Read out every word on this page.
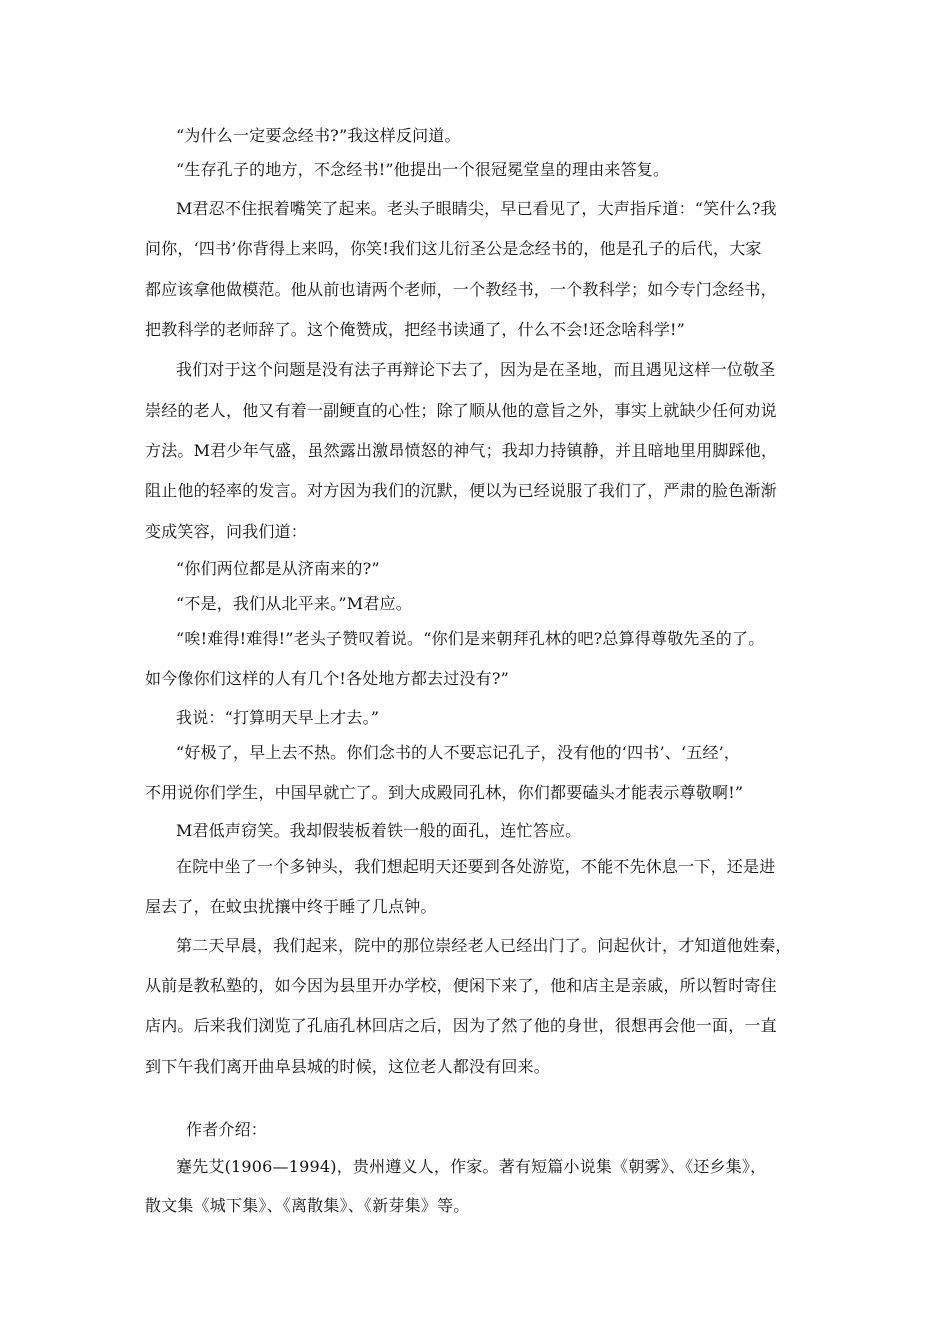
“为什么一定要念经书?”我这样反问道。
“生存孔子的地方，不念经书!”他提出一个很冠冕堂皇的理由来答复。
M君忍不住抿着嘴笑了起来。老头子眼睛尖，早已看见了，大声指斥道：“笑什么?我
问你，‘四书’你背得上来吗，你笑!我们这儿衍圣公是念经书的，他是孔子的后代，大家
都应该拿他做模范。他从前也请两个老师，一个教经书，一个教科学；如今专门念经书，
把教科学的老师辞了。这个俺赞成，把经书读通了，什么不会!还念啥科学!”
我们对于这个问题是没有法子再辩论下去了，因为是在圣地，而且遇见这样一位敬圣
崇经的老人，他又有着一副鲠直的心性；除了顺从他的意旨之外，事实上就缺少任何劝说
方法。M君少年气盛，虽然露出激昂愤怒的神气；我却力持镇静，并且暗地里用脚踩他，
阻止他的轻率的发言。对方因为我们的沉默，便以为已经说服了我们了，严肃的脸色渐渐
变成笑容，问我们道：
“你们两位都是从济南来的?”
“不是，我们从北平来。”M君应。
“唉!难得!难得!”老头子赞叹着说。“你们是来朝拜孔林的吧?总算得尊敬先圣的了。
如今像你们这样的人有几个!各处地方都去过没有?”
我说：“打算明天早上才去。”
“好极了，早上去不热。你们念书的人不要忘记孔子，没有他的‘四书’、‘五经’，
不用说你们学生，中国早就亡了。到大成殿同孔林，你们都要磕头才能表示尊敬啊!”
M君低声窃笑。我却假装板着铁一般的面孔，连忙答应。
在院中坐了一个多钟头，我们想起明天还要到各处游览，不能不先休息一下，还是进
屋去了，在蚊虫扰攘中终于睡了几点钟。
第二天早晨，我们起来，院中的那位崇经老人已经出门了。问起伙计，才知道他姓秦，
从前是教私塾的，如今因为县里开办学校，便闲下来了，他和店主是亲戚，所以暂时寄住
店内。后来我们浏览了孔庙孔林回店之后，因为了然了他的身世，很想再会他一面，一直
到下午我们离开曲阜县城的时候，这位老人都没有回来。
作者介绍：
蹇先艾(1906—1994)，贵州遵义人，作家。著有短篇小说集《朝雾》、《还乡集》，
散文集《城下集》、《离散集》、《新芽集》等。
